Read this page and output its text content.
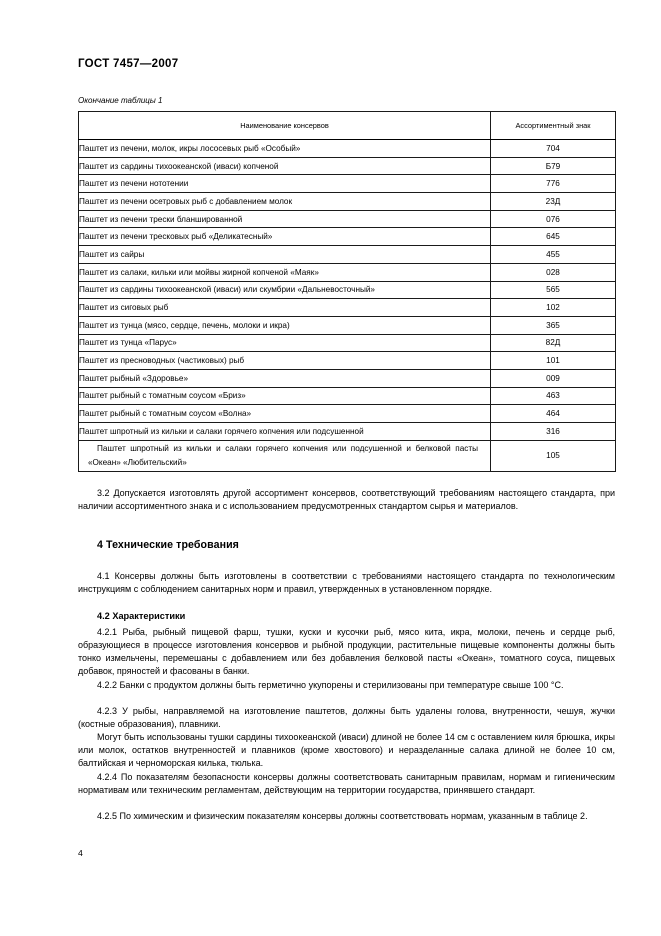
ГОСТ 7457—2007
Окончание таблицы 1
Наименование консервов	Ассортиментный знак
Паштет из печени, молок, икры лососевых рыб «Особый»	704
Паштет из сардины тихоокеанской (иваси) копченой	Б79
Паштет из печени нототении	776
Паштет из печени осетровых рыб с добавлением молок	23Д
Паштет из печени трески бланшированной	076
Паштет из печени тресковых рыб «Деликатесный»	645
Паштет из сайры	455
Паштет из салаки, кильки или мойвы жирной копченой «Маяк»	028
Паштет из сардины тихоокеанской (иваси) или скумбрии «Дальневосточный»	565
Паштет из сиговых рыб	102
Паштет из тунца (мясо, сердце, печень, молоки и икра)	365
Паштет из тунца «Парус»	82Д
Паштет из пресноводных (частиковых) рыб	101
Паштет рыбный «Здоровье»	009
Паштет рыбный с томатным соусом «Бриз»	463
Паштет рыбный с томатным соусом «Волна»	464
Паштет шпротный из кильки и салаки горячего копчения или подсушенной	316

Паштет шпротный из кильки и салаки горячего копчения или подсушенной и белковой пасты «Океан» «Любительский»	105
3.2 Допускается изготовлять другой ассортимент консервов, соответствующий требованиям настоящего стандарта, при наличии ассортиментного знака и с использованием предусмотренных стандартом сырья и материалов.
4 Технические требования
4.1 Консервы должны быть изготовлены в соответствии с требованиями настоящего стандарта по технологическим инструкциям с соблюдением санитарных норм и правил, утвержденных в установленном порядке.
4.2 Характеристики
4.2.1 Рыба, рыбный пищевой фарш, тушки, куски и кусочки рыб, мясо кита, икра, молоки, печень и сердце рыб, образующиеся в процессе изготовления консервов и рыбной продукции, растительные пищевые компоненты должны быть тонко измельчены, перемешаны с добавлением или без добавления белковой пасты «Океан», томатного соуса, пищевых добавок, пряностей и фасованы в банки.
4.2.2 Банки с продуктом должны быть герметично укупорены и стерилизованы при температуре свыше 100 °С.
4.2.3 У рыбы, направляемой на изготовление паштетов, должны быть удалены голова, внутренности, чешуя, жучки (костные образования), плавники.
Могут быть использованы тушки сардины тихоокеанской (иваси) длиной не более 14 см с оставлением киля брюшка, икры или молок, остатков внутренностей и плавников (кроме хвостового) и неразделанные салака длиной не более 10 см, балтийская и черноморская килька, тюлька.
4.2.4 По показателям безопасности консервы должны соответствовать санитарным правилам, нормам и гигиеническим нормативам или техническим регламентам, действующим на территории государства, принявшего стандарт.
4.2.5 По химическим и физическим показателям консервы должны соответствовать нормам, указанным в таблице 2.
4
